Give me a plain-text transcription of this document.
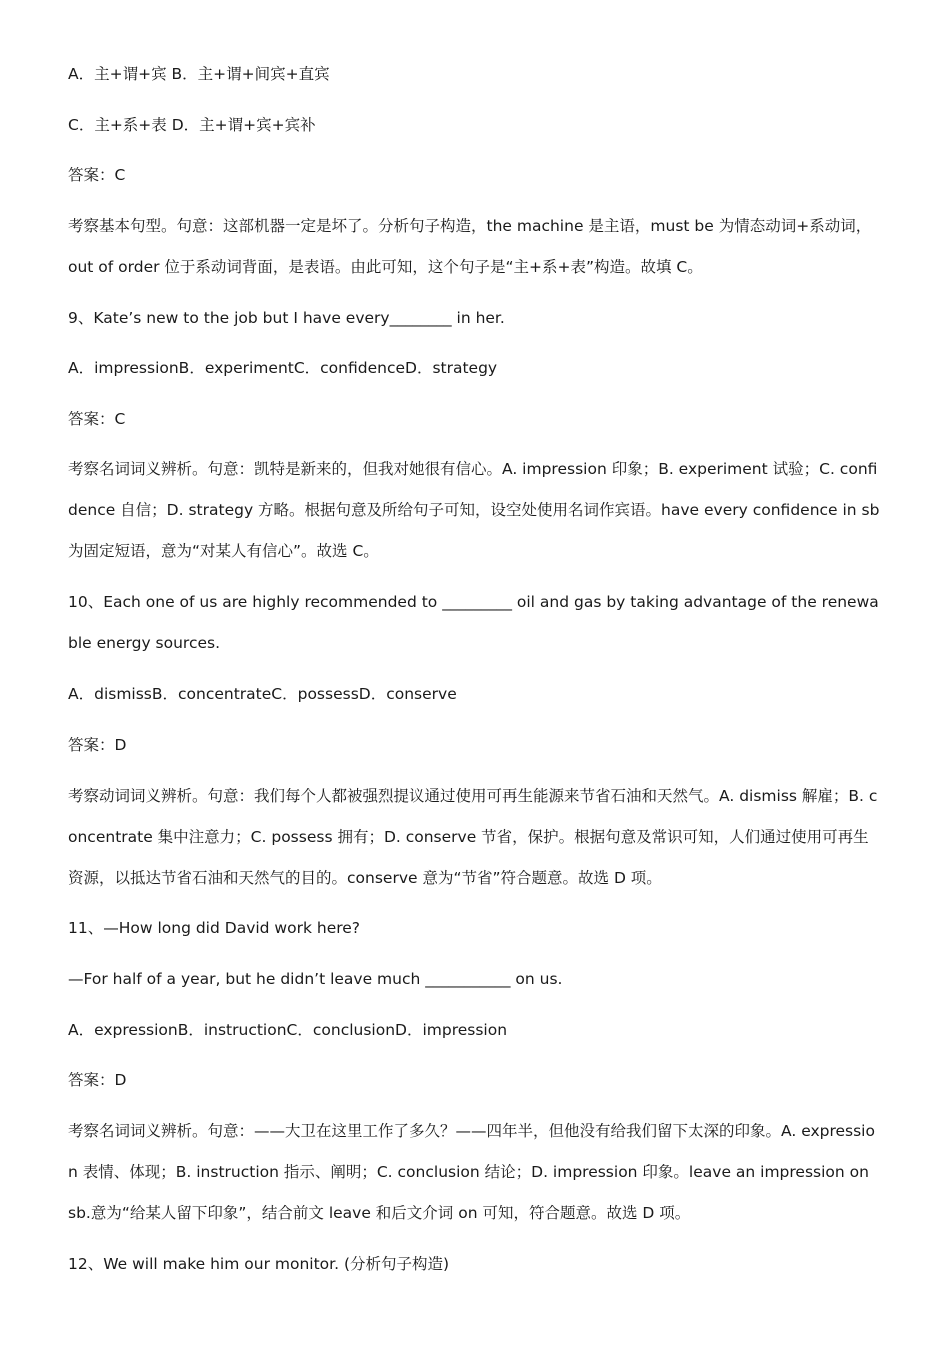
A．主+谓+宾 B．主+谓+间宾+直宾
C．主+系+表 D．主+谓+宾+宾补
答案：C
考察基本句型。句意：这部机器一定是坏了。分析句子构造，the machine 是主语，must be 为情态动词+系动词，out of order 位于系动词背面，是表语。由此可知，这个句子是“主+系+表”构造。故填 C。
9、Kate’s new to the job but I have every________ in her.
A．impressionB．experimentC．confidenceD．strategy
答案：C
考察名词词义辨析。句意：凯特是新来的，但我对她很有信心。A. impression 印象；B. experiment 试验；C. confidence 自信；D. strategy 方略。根据句意及所给句子可知，设空处使用名词作宾语。have every confidence in sb 为固定短语，意为“对某人有信心”。故选 C。
10、Each one of us are highly recommended to _________ oil and gas by taking advantage of the renewable energy sources.
A．dismissB．concentrateC．possessD．conserve
答案：D
考察动词词义辨析。句意：我们每个人都被强烈提议通过使用可再生能源来节省石油和天然气。A. dismiss 解雇；B. concentrate 集中注意力；C. possess 拥有；D. conserve 节省，保护。根据句意及常识可知，人们通过使用可再生资源，以抵达节省石油和天然气的目的。conserve 意为“节省”符合题意。故选 D 项。
11、—How long did David work here?
—For half of a year, but he didn’t leave much ___________ on us.
A．expressionB．instructionC．conclusionD．impression
答案：D
考察名词词义辨析。句意：——大卫在这里工作了多久？——四年半，但他没有给我们留下太深的印象。A. expression 表情、体现；B. instruction 指示、阐明；C. conclusion 结论；D. impression 印象。leave an impression on sb.意为“给某人留下印象”，结合前文 leave 和后文介词 on 可知，符合题意。故选 D 项。
12、We will make him our monitor. (分析句子构造)
